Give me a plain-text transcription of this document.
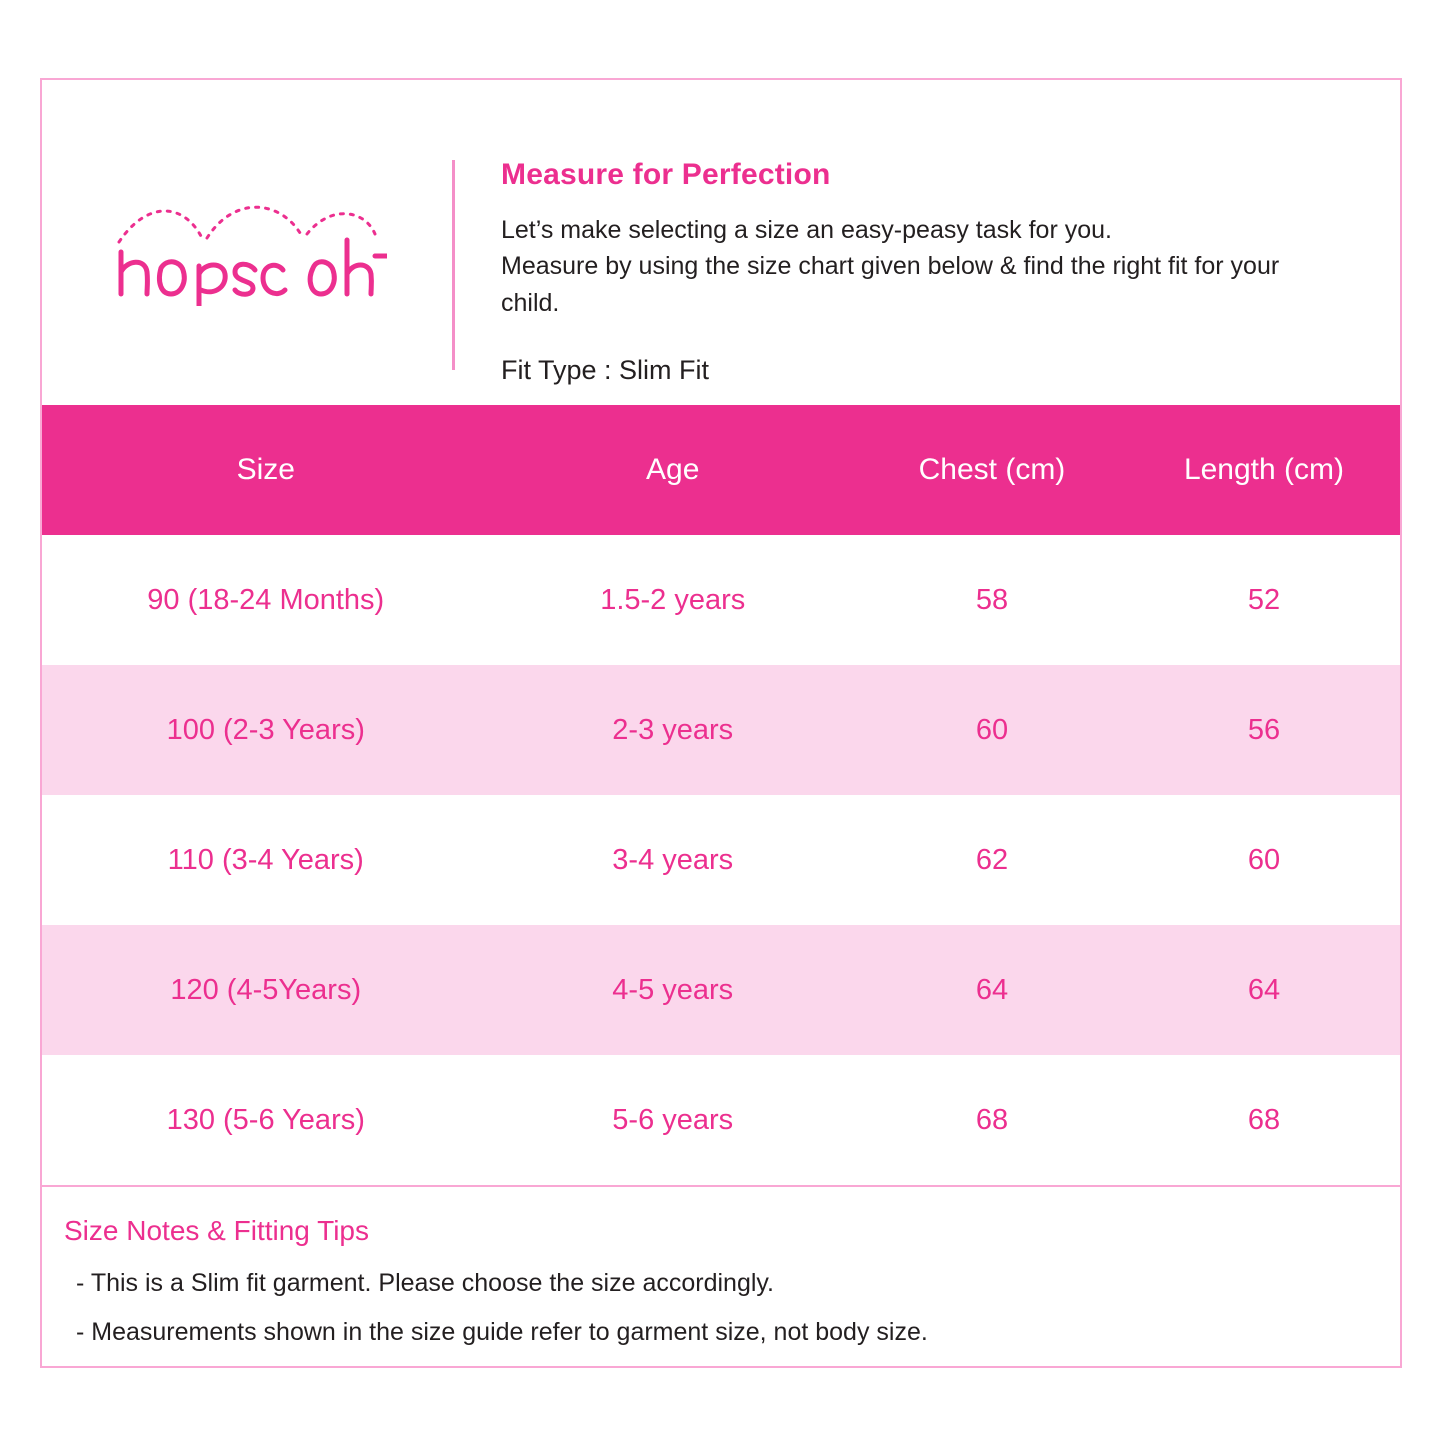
Measure for Perfection

Let’s make selecting a size an easy-peasy task for you.
Measure by using the size chart given below & find the right fit for your
child.

Fit Type : Slim Fit
Size	Age	Chest (cm)	Length (cm)
90 (18-24 Months)	1.5-2 years	58	52
100 (2-3 Years)	2-3 years	60	56
110 (3-4 Years)	3-4 years	62	60
120 (4-5Years)	4-5 years	64	64
130 (5-6 Years)	5-6 years	68	68

Size Notes & Fitting Tips

- This is a Slim fit garment. Please choose the size accordingly.

- Measurements shown in the size guide refer to garment size, not body size.
